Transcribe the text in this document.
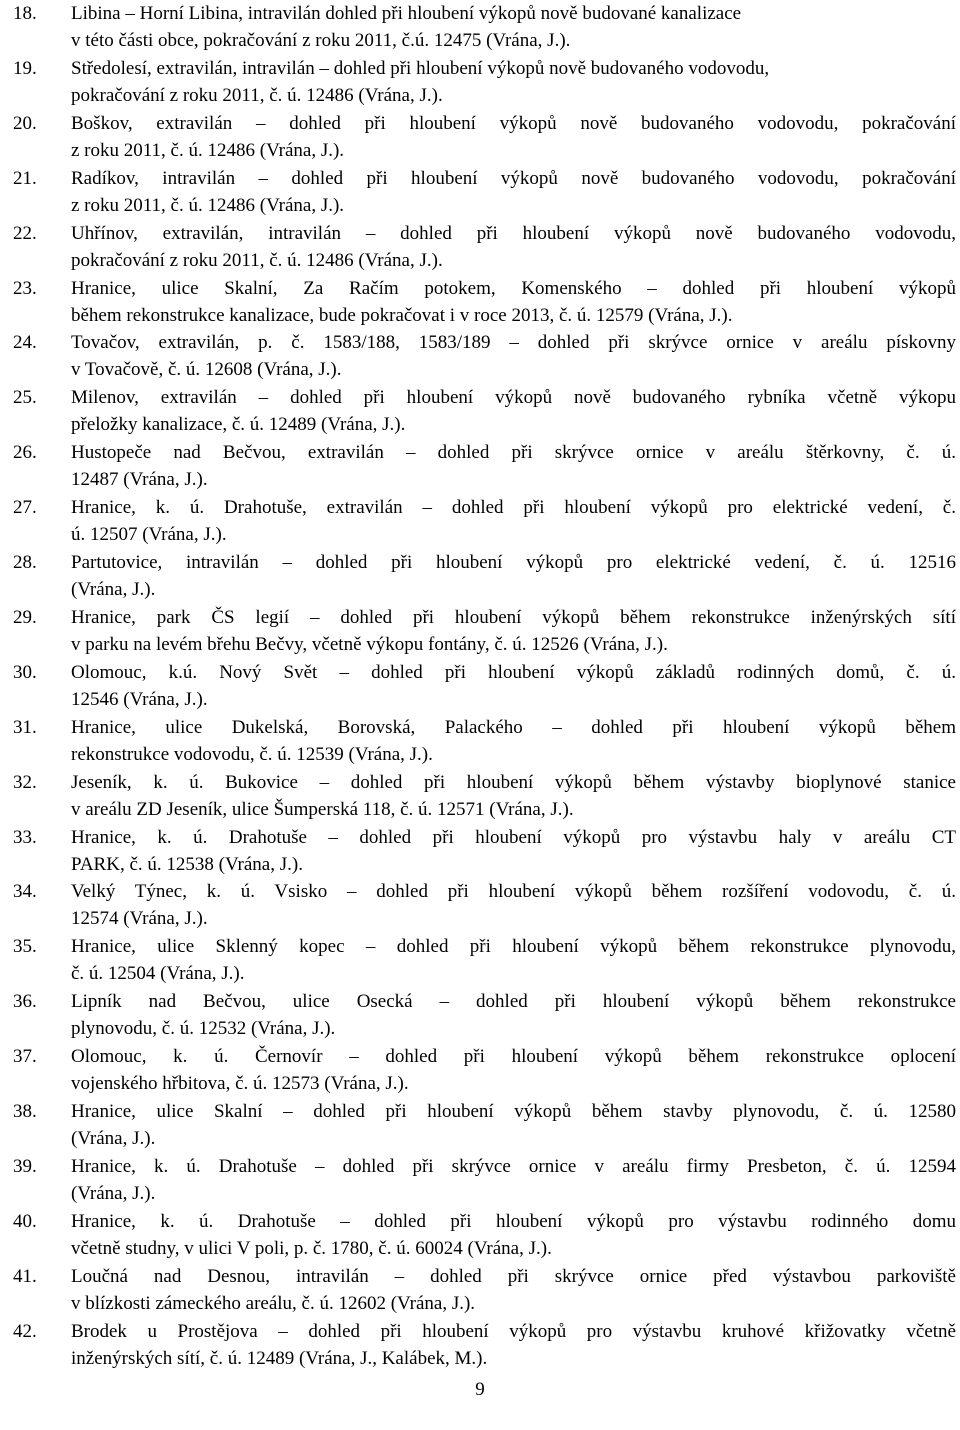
18.	Libina – Horní Libina, intravilán dohled při hloubení výkopů nově budované kanalizace
v této části obce, pokračování z roku 2011, č.ú. 12475 (Vrána, J.).
19.	Středolesí, extravilán, intravilán – dohled při hloubení výkopů nově budovaného vodovodu,
pokračování z roku 2011, č. ú. 12486 (Vrána, J.).
20.	Boškov, extravilán – dohled při hloubení výkopů nově budovaného vodovodu, pokračování
z roku 2011, č. ú. 12486 (Vrána, J.).
21.	Radíkov, intravilán – dohled při hloubení výkopů nově budovaného vodovodu, pokračování
z roku 2011, č. ú. 12486 (Vrána, J.).
22.	Uhřínov, extravilán, intravilán – dohled při hloubení výkopů nově budovaného vodovodu,
pokračování z roku 2011, č. ú. 12486 (Vrána, J.).
23.	Hranice, ulice Skalní, Za Račím potokem, Komenského – dohled při hloubení výkopů
během rekonstrukce kanalizace, bude pokračovat i v roce 2013, č. ú. 12579 (Vrána, J.).
24.	Tovačov, extravilán, p. č. 1583/188, 1583/189 – dohled při skrývce ornice v areálu pískovny
v Tovačově, č. ú. 12608 (Vrána, J.).
25.	Milenov, extravilán – dohled při hloubení výkopů nově budovaného rybníka včetně výkopu
přeložky kanalizace, č. ú. 12489 (Vrána, J.).
26.	Hustopeče nad Bečvou, extravilán – dohled při skrývce ornice v areálu štěrkovny, č. ú.
12487 (Vrána, J.).
27.	Hranice, k. ú. Drahotuše, extravilán – dohled při hloubení výkopů pro elektrické vedení, č.
ú. 12507 (Vrána, J.).
28.	Partutovice, intravilán – dohled při hloubení výkopů pro elektrické vedení, č. ú. 12516
(Vrána, J.).
29.	Hranice, park ČS legií – dohled při hloubení výkopů během rekonstrukce inženýrských sítí
v parku na levém břehu Bečvy, včetně výkopu fontány, č. ú. 12526 (Vrána, J.).
30.	Olomouc, k.ú. Nový Svět – dohled při hloubení výkopů základů rodinných domů, č. ú.
12546 (Vrána, J.).
31.	Hranice, ulice Dukelská, Borovská, Palackého – dohled při hloubení výkopů během
rekonstrukce vodovodu, č. ú. 12539 (Vrána, J.).
32.	Jeseník, k. ú. Bukovice – dohled při hloubení výkopů během výstavby bioplynové stanice
v areálu ZD Jeseník, ulice Šumperská 118, č. ú. 12571 (Vrána, J.).
33.	Hranice, k. ú. Drahotuše – dohled při hloubení výkopů pro výstavbu haly v areálu CT
PARK, č. ú. 12538 (Vrána, J.).
34.	Velký Týnec, k. ú. Vsisko – dohled při hloubení výkopů během rozšíření vodovodu, č. ú.
12574 (Vrána, J.).
35.	Hranice, ulice Sklenný kopec – dohled při hloubení výkopů během rekonstrukce plynovodu,
č. ú. 12504 (Vrána, J.).
36.	Lipník nad Bečvou, ulice Osecká – dohled při hloubení výkopů během rekonstrukce
plynovodu, č. ú. 12532 (Vrána, J.).
37.	Olomouc, k. ú. Černovír – dohled při hloubení výkopů během rekonstrukce oplocení
vojenského hřbitova, č. ú. 12573 (Vrána, J.).
38.	Hranice, ulice Skalní – dohled při hloubení výkopů během stavby plynovodu, č. ú. 12580
(Vrána, J.).
39.	Hranice, k. ú. Drahotuše – dohled při skrývce ornice v areálu firmy Presbeton, č. ú. 12594
(Vrána, J.).
40.	Hranice, k. ú. Drahotuše – dohled při hloubení výkopů pro výstavbu rodinného domu
včetně studny, v ulici V poli, p. č. 1780, č. ú. 60024 (Vrána, J.).
41.	Loučná nad Desnou, intravilán – dohled při skrývce ornice před výstavbou parkoviště
v blízkosti zámeckého areálu, č. ú. 12602 (Vrána, J.).
42.	Brodek u Prostějova – dohled při hloubení výkopů pro výstavbu kruhové křižovatky včetně
inženýrských sítí, č. ú. 12489 (Vrána, J., Kalábek, M.).
9
